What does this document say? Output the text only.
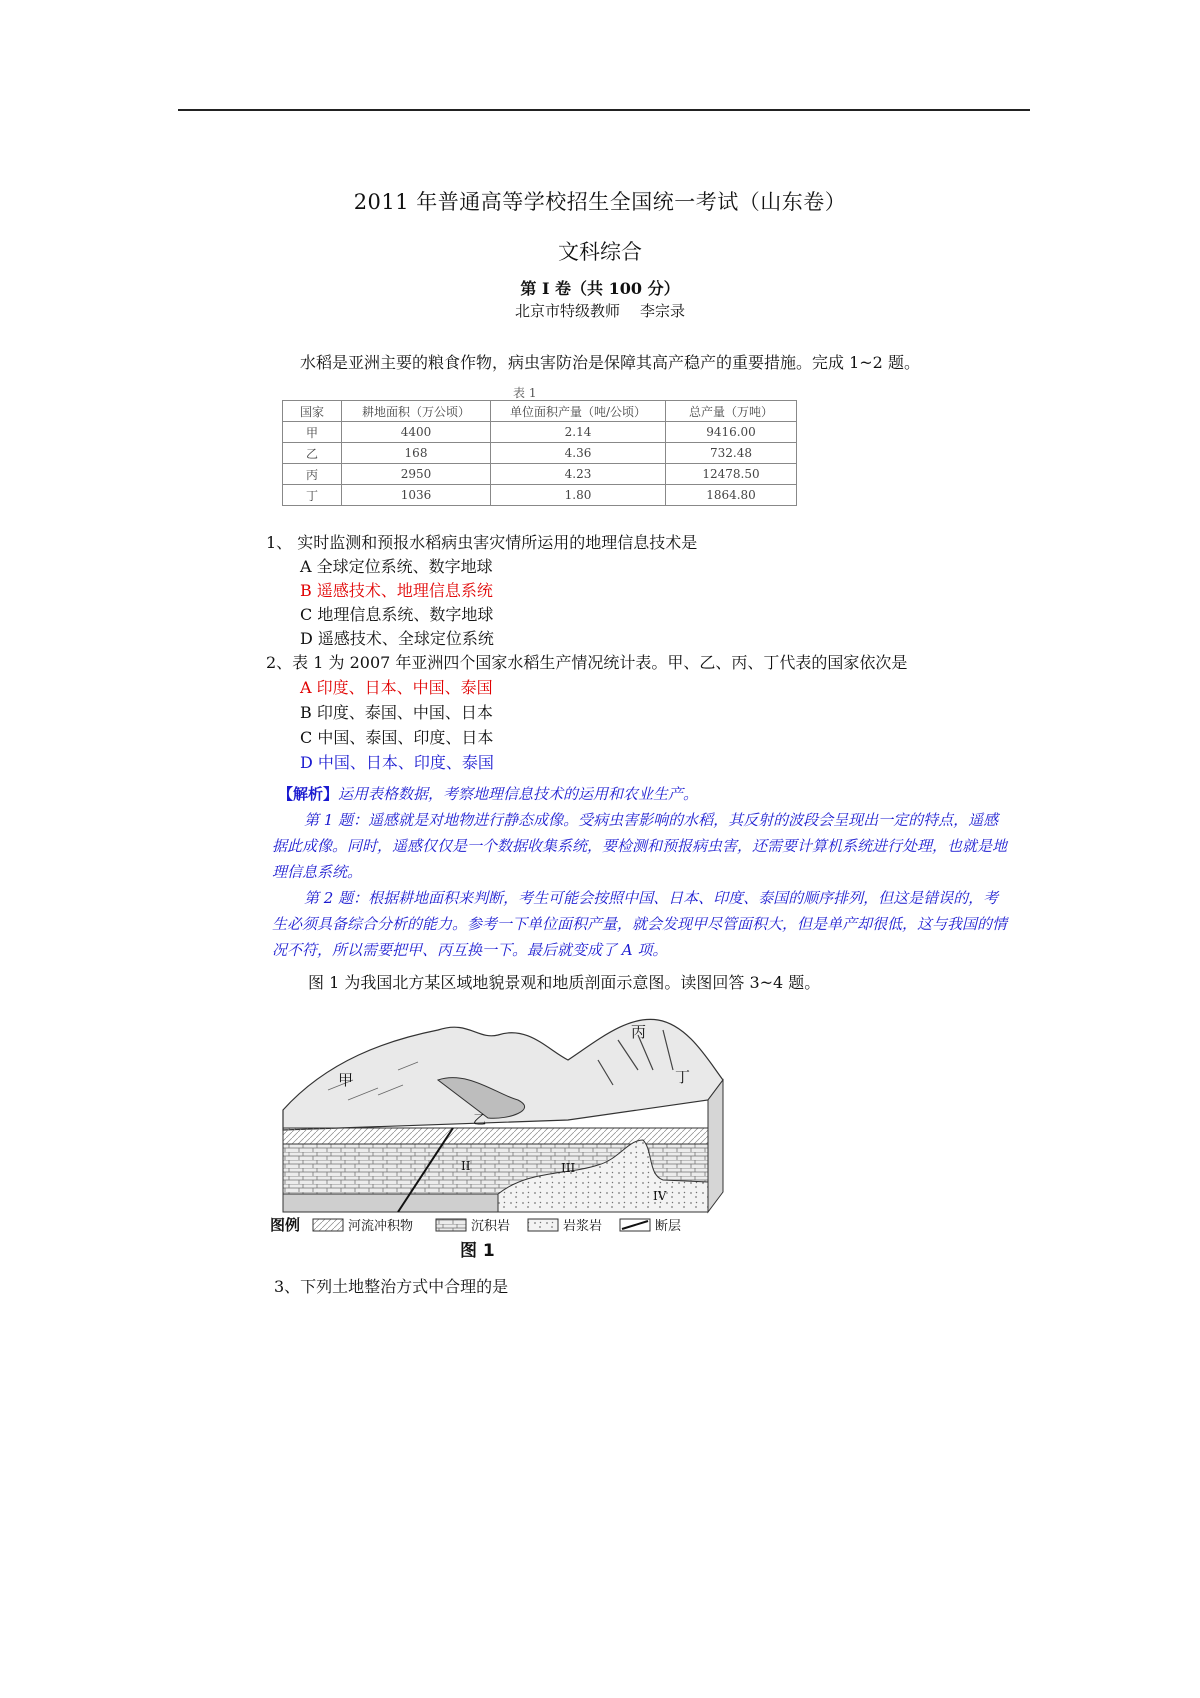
2011 年普通高等学校招生全国统一考试（山东卷）
文科综合
第 I 卷（共 100 分）
北京市特级教师 李宗录
水稻是亚洲主要的粮食作物，病虫害防治是保障其高产稳产的重要措施。完成 1~2 题。
表 1
国家	耕地面积（万公顷）	单位面积产量（吨/公顷）	总产量（万吨）
甲	4400	2.14	9416.00
乙	168	4.36	732.48
丙	2950	4.23	12478.50
丁	1036	1.80	1864.80
1、 实时监测和预报水稻病虫害灾情所运用的地理信息技术是
A 全球定位系统、数字地球
B 遥感技术、地理信息系统
C 地理信息系统、数字地球
D 遥感技术、全球定位系统
2、表 1 为 2007 年亚洲四个国家水稻生产情况统计表。甲、乙、丙、丁代表的国家依次是
A 印度、日本、中国、泰国
B 印度、泰国、中国、日本
C 中国、泰国、印度、日本
D 中国、日本、印度、泰国

【解析】运用表格数据，考察地理信息技术的运用和农业生产。

第 1 题：遥感就是对地物进行静态成像。受病虫害影响的水稻，其反射的波段会呈现出一定的特点，遥感据此成像。同时，遥感仅仅是一个数据收集系统，要检测和预报病虫害，还需要计算机系统进行处理，也就是地理信息系统。

第 2 题：根据耕地面积来判断，考生可能会按照中国、日本、印度、泰国的顺序排列，但这是错误的，考生必须具备综合分析的能力。参考一下单位面积产量，就会发现甲尽管面积大，但是单产却很低，这与我国的情况不符，所以需要把甲、丙互换一下。最后就变成了 A 项。

图 1 为我国北方某区域地貌景观和地质剖面示意图。读图回答 3~4 题。
甲
乙
丙
丁
II	III
IV
图例	河流冲积物	沉积岩	岩浆岩	断层
图 1
3、下列土地整治方式中合理的是
